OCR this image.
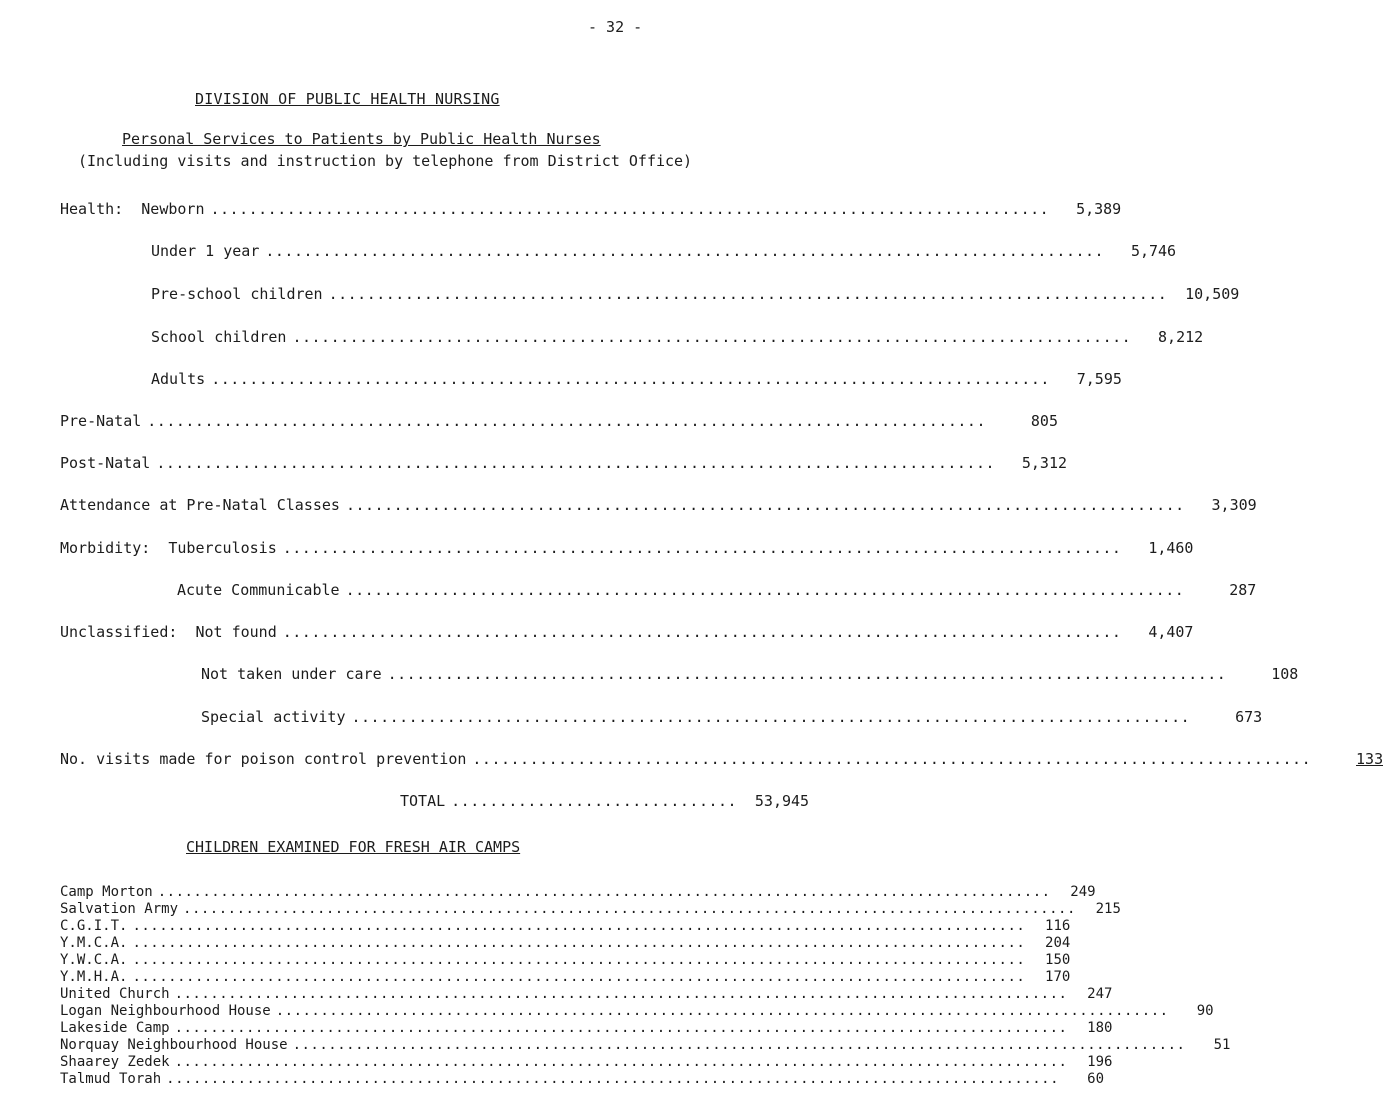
- 32 -
DIVISION OF PUBLIC HEALTH NURSING
Personal Services to Patients by Public Health Nurses
(Including visits and instruction by telephone from District Office)
Health: Newborn ........................................................................................	5,389
Under 1 year ........................................................................................	5,746
Pre-school children ........................................................................................	10,509
School children ........................................................................................	8,212
Adults ........................................................................................	7,595
Pre-Natal ........................................................................................	805
Post-Natal ........................................................................................	5,312
Attendance at Pre-Natal Classes ........................................................................................	3,309
Morbidity: Tuberculosis ........................................................................................	1,460
Acute Communicable ........................................................................................	287
Unclassified: Not found ........................................................................................	4,407
Not taken under care ........................................................................................	108
Special activity ........................................................................................	673
No. visits made for poison control prevention ........................................................................................	133
TOTAL ..............................	53,945
CHILDREN EXAMINED FOR FRESH AIR CAMPS
Camp Morton ....................................................................................................	249
Salvation Army ....................................................................................................	215
C.G.I.T. ....................................................................................................	116
Y.M.C.A. ....................................................................................................	204
Y.W.C.A. ....................................................................................................	150
Y.M.H.A. ....................................................................................................	170
United Church ....................................................................................................	247
Logan Neighbourhood House ....................................................................................................	90
Lakeside Camp ....................................................................................................	180
Norquay Neighbourhood House ....................................................................................................	51
Shaarey Zedek ....................................................................................................	196
Talmud Torah ....................................................................................................	60
